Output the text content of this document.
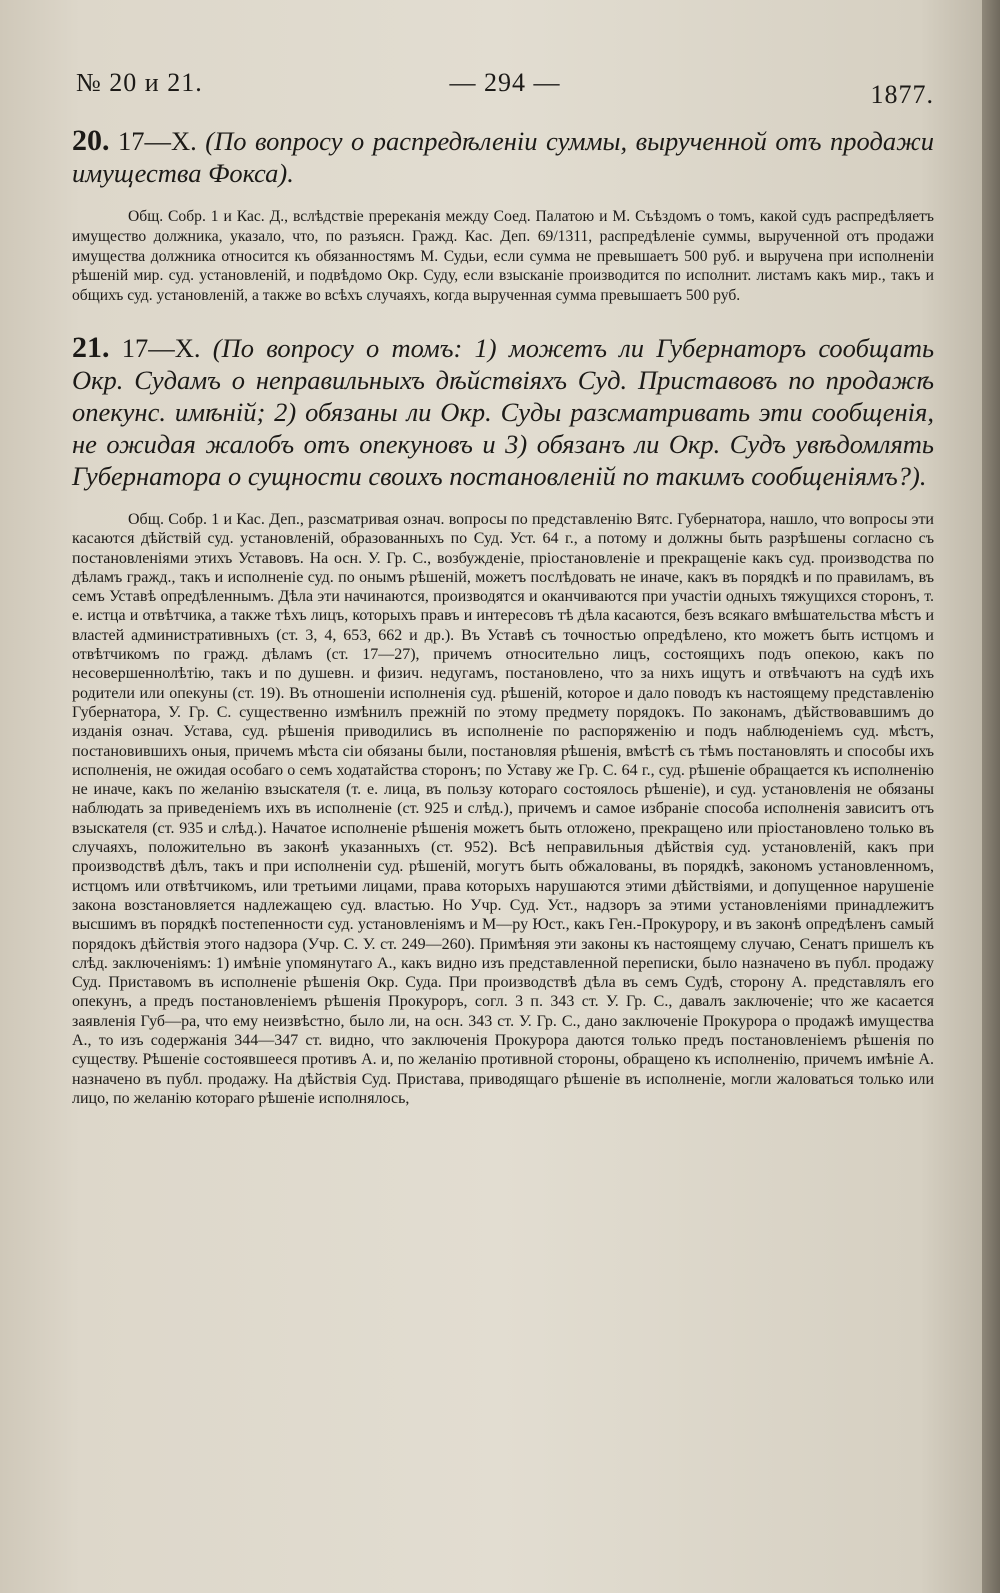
№ 20 и 21.	— 294 —	1877.

20. 17—X. (По вопросу о распредѣленіи суммы, вырученной отъ продажи имущества Фокса).

Общ. Собр. 1 и Кас. Д., вслѣдствіе пререканія между Соед. Палатою и М. Съѣздомъ о томъ, какой судъ распредѣляетъ имущество должника, указало, что, по разъясн. Гражд. Кас. Деп. 69/1311, распредѣленіе суммы, вырученной отъ продажи имущества должника относится къ обязанностямъ М. Судьи, если сумма не превышаетъ 500 руб. и выручена при исполненіи рѣшеній мир. суд. установленій, и подвѣдомо Окр. Суду, если взысканіе производится по исполнит. листамъ какъ мир., такъ и общихъ суд. установленій, а также во всѣхъ случаяхъ, когда вырученная сумма превышаетъ 500 руб.

21. 17—X. (По вопросу о томъ: 1) можетъ ли Губернаторъ сообщать Окр. Судамъ о неправильныхъ дѣйствіяхъ Суд. Приставовъ по продажѣ опекунс. имѣній; 2) обязаны ли Окр. Суды разсматривать эти сообщенія, не ожидая жалобъ отъ опекуновъ и 3) обязанъ ли Окр. Судъ увѣдомлять Губернатора о сущности своихъ постановленій по такимъ сообщеніямъ?).

Общ. Собр. 1 и Кас. Деп., разсматривая означ. вопросы по представленію Вятс. Губернатора, нашло, что вопросы эти касаются дѣйствій суд. установленій, образованныхъ по Суд. Уст. 64 г., а потому и должны быть разрѣшены согласно съ постановленіями этихъ Уставовъ. На осн. У. Гр. С., возбужденіе, пріостановленіе и прекращеніе какъ суд. производства по дѣламъ гражд., такъ и исполненіе суд. по онымъ рѣшеній, можетъ послѣдовать не иначе, какъ въ порядкѣ и по правиламъ, въ семъ Уставѣ опредѣленнымъ. Дѣла эти начинаются, производятся и оканчиваются при участіи одныхъ тяжущихся сторонъ, т. е. истца и отвѣтчика, а также тѣхъ лицъ, которыхъ правъ и интересовъ тѣ дѣла касаются, безъ всякаго вмѣшательства мѣстъ и властей административныхъ (ст. 3, 4, 653, 662 и др.). Въ Уставѣ съ точностью опредѣлено, кто можетъ быть истцомъ и отвѣтчикомъ по гражд. дѣламъ (ст. 17—27), причемъ относительно лицъ, состоящихъ подъ опекою, какъ по несовершеннолѣтію, такъ и по душевн. и физич. недугамъ, постановлено, что за нихъ ищутъ и отвѣчаютъ на судѣ ихъ родители или опекуны (ст. 19). Въ отношеніи исполненія суд. рѣшеній, которое и дало поводъ къ настоящему представленію Губернатора, У. Гр. С. существенно измѣнилъ прежній по этому предмету порядокъ. По законамъ, дѣйствовавшимъ до изданія означ. Устава, суд. рѣшенія приводились въ исполненіе по распоряженію и подъ наблюденіемъ суд. мѣстъ, постановившихъ оныя, причемъ мѣста сіи обязаны были, постановляя рѣшенія, вмѣстѣ съ тѣмъ постановлять и способы ихъ исполненія, не ожидая особаго о семъ ходатайства сторонъ; по Уставу же Гр. С. 64 г., суд. рѣшеніе обращается къ исполненію не иначе, какъ по желанію взыскателя (т. е. лица, въ пользу котораго состоялось рѣшеніе), и суд. установленія не обязаны наблюдать за приведеніемъ ихъ въ исполненіе (ст. 925 и слѣд.), причемъ и самое избраніе способа исполненія зависитъ отъ взыскателя (ст. 935 и слѣд.). Начатое исполненіе рѣшенія можетъ быть отложено, прекращено или пріостановлено только въ случаяхъ, положительно въ законѣ указанныхъ (ст. 952). Всѣ неправильныя дѣйствія суд. установленій, какъ при производствѣ дѣлъ, такъ и при исполненіи суд. рѣшеній, могутъ быть обжалованы, въ порядкѣ, закономъ установленномъ, истцомъ или отвѣтчикомъ, или третьими лицами, права которыхъ нарушаются этими дѣйствіями, и допущенное нарушеніе закона возстановляется надлежащею суд. властью. Но Учр. Суд. Уст., надзоръ за этими установленіями принадлежитъ высшимъ въ порядкѣ постепенности суд. установленіямъ и М—ру Юст., какъ Ген.-Прокурору, и въ законѣ опредѣленъ самый порядокъ дѣйствія этого надзора (Учр. С. У. ст. 249—260). Примѣняя эти законы къ настоящему случаю, Сенатъ пришелъ къ слѣд. заключеніямъ: 1) имѣніе упомянутаго А., какъ видно изъ представленной переписки, было назначено въ публ. продажу Суд. Приставомъ въ исполненіе рѣшенія Окр. Суда. При производствѣ дѣла въ семъ Судѣ, сторону А. представлялъ его опекунъ, а предъ постановленіемъ рѣшенія Прокуроръ, согл. 3 п. 343 ст. У. Гр. С., давалъ заключеніе; что же касается заявленія Губ—ра, что ему неизвѣстно, было ли, на осн. 343 ст. У. Гр. С., дано заключеніе Прокурора о продажѣ имущества А., то изъ содержанія 344—347 ст. видно, что заключенія Прокурора даются только предъ постановленіемъ рѣшенія по существу. Рѣшеніе состоявшееся противъ А. и, по желанію противной стороны, обращено къ исполненію, причемъ имѣніе А. назначено въ публ. продажу. На дѣйствія Суд. Пристава, приводящаго рѣшеніе въ исполненіе, могли жаловаться только или лицо, по желанію котораго рѣшеніе исполнялось,
